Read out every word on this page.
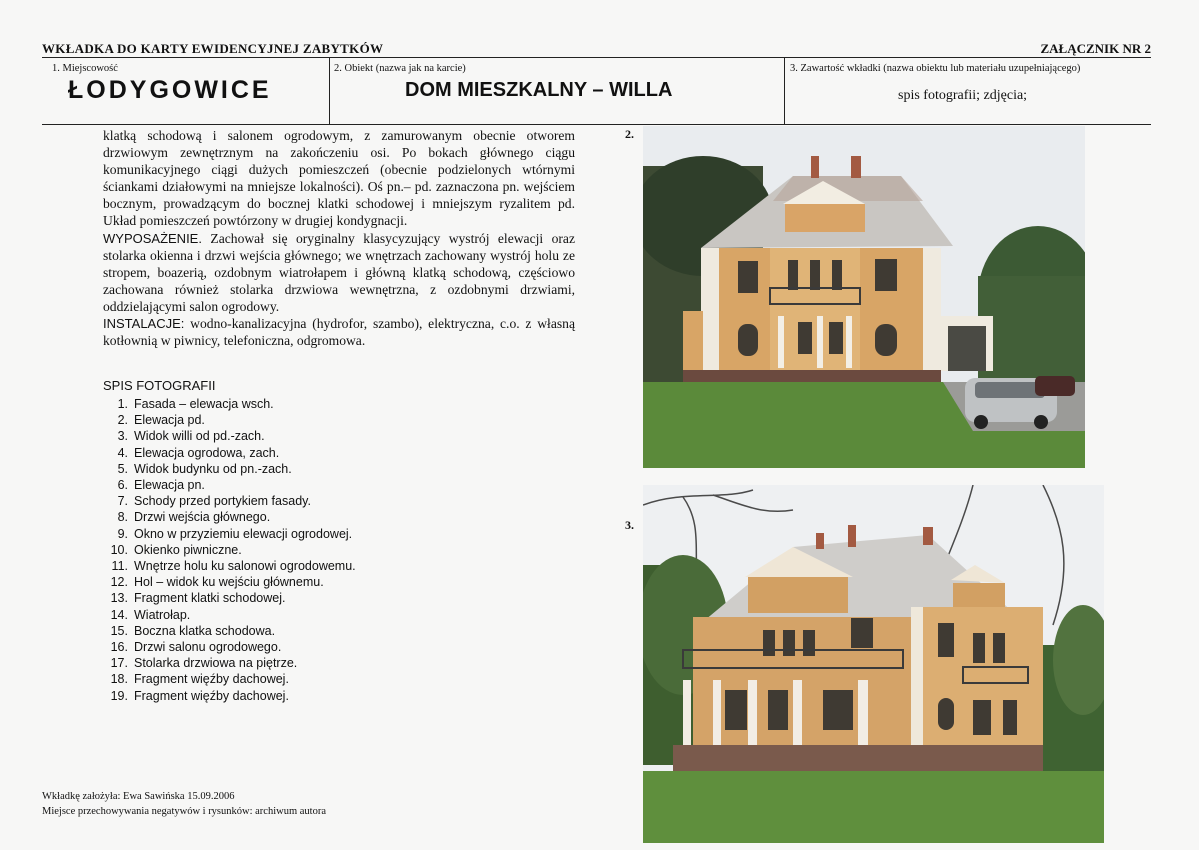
WKŁADKA DO KARTY EWIDENCYJNEJ ZABYTKÓW	ZAŁĄCZNIK NR 2
1. Miejscowość
ŁODYGOWICE
2. Obiekt (nazwa jak na karcie)
DOM MIESZKALNY – WILLA
3. Zawartość wkładki (nazwa obiektu lub materiału uzupełniającego)
spis fotografii; zdjęcia;

klatką schodową i salonem ogrodowym, z zamurowanym obecnie otworem drzwiowym zewnętrznym na zakończeniu osi. Po bokach głównego ciągu komunikacyjnego ciągi dużych pomieszczeń (obecnie podzielonych wtórnymi ściankami działowymi na mniejsze lokalności). Oś pn.– pd. zaznaczona pn. wejściem bocznym, prowadzącym do bocznej klatki schodowej i mniejszym ryzalitem pd. Układ pomieszczeń powtórzony w drugiej kondygnacji.

WYPOSAŻENIE. Zachował się oryginalny klasycyzujący wystrój elewacji oraz stolarka okienna i drzwi wejścia głównego; we wnętrzach zachowany wystrój holu ze stropem, boazerią, ozdobnym wiatrołapem i główną klatką schodową, częściowo zachowana również stolarka drzwiowa wewnętrzna, z ozdobnymi drzwiami, oddzielającymi salon ogrodowy.

INSTALACJE: wodno-kanalizacyjna (hydrofor, szambo), elektryczna, c.o. z własną kotłownią w piwnicy, telefoniczna, odgromowa.

SPIS FOTOGRAFII
1. Fasada – elewacja wsch.
2. Elewacja pd.
3. Widok willi od pd.-zach.
4. Elewacja ogrodowa, zach.
5. Widok budynku od pn.-zach.
6. Elewacja pn.
7. Schody przed portykiem fasady.
8. Drzwi wejścia głównego.
9. Okno w przyziemiu elewacji ogrodowej.
10. Okienko piwniczne.
11. Wnętrze holu ku salonowi ogrodowemu.
12. Hol – widok ku wejściu głównemu.
13. Fragment klatki schodowej.
14. Wiatrołap.
15. Boczna klatka schodowa.
16. Drzwi salonu ogrodowego.
17. Stolarka drzwiowa na piętrze.
18. Fragment więźby dachowej.
19. Fragment więźby dachowej.
Wkładkę założyła: Ewa Sawińska 15.09.2006
Miejsce przechowywania negatywów i rysunków: archiwum autora
2.
3.
